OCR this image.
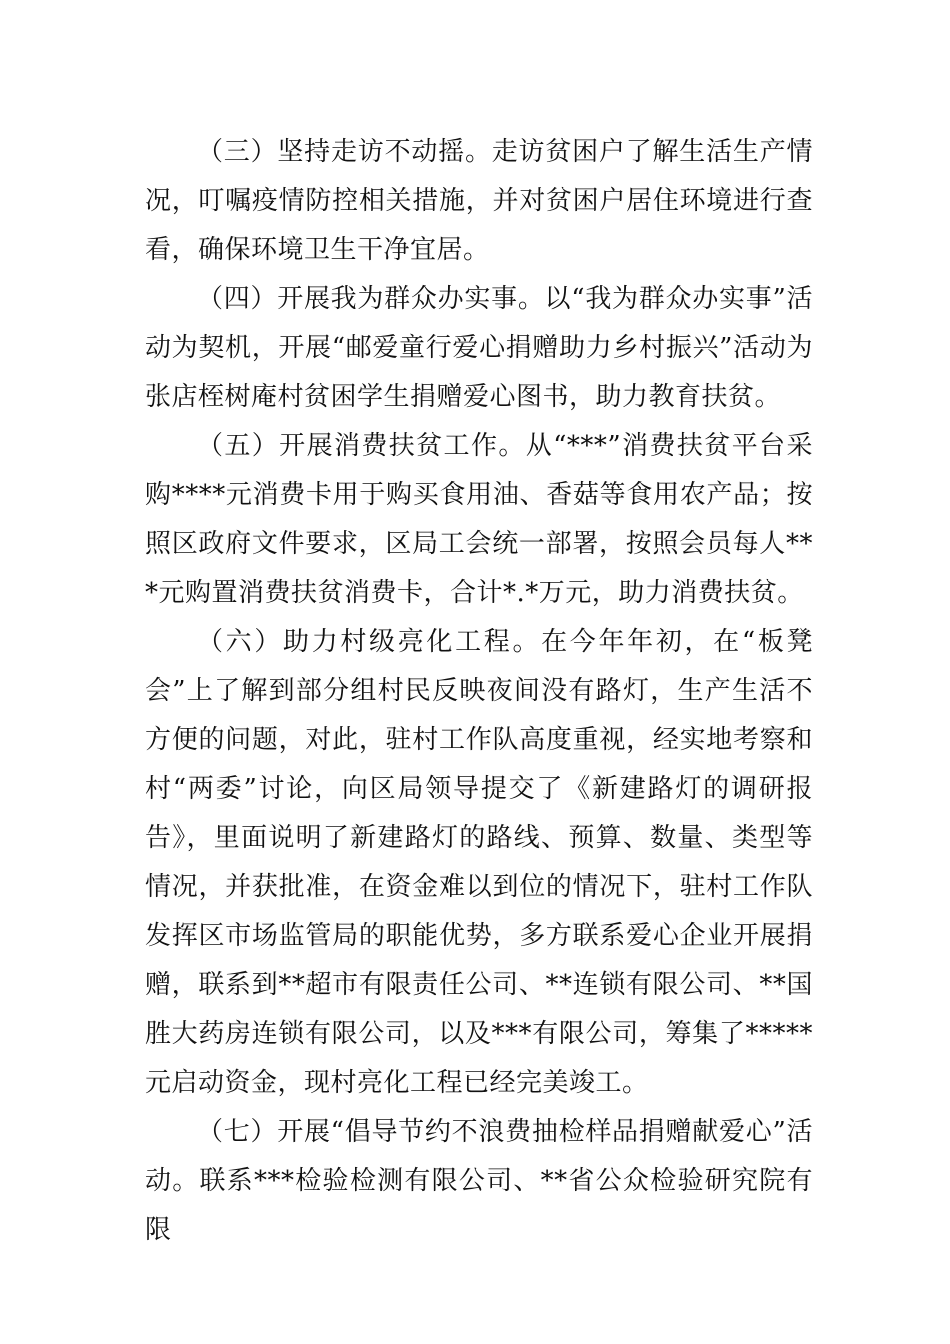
（三）坚持走访不动摇。走访贫困户了解生活生产情况，叮嘱疫情防控相关措施，并对贫困户居住环境进行查看，确保环境卫生干净宜居。

（四）开展我为群众办实事。以“我为群众办实事”活动为契机，开展“邮爱童行爱心捐赠助力乡村振兴”活动为张店桎树庵村贫困学生捐赠爱心图书，助力教育扶贫。

（五）开展消费扶贫工作。从“***”消费扶贫平台采购****元消费卡用于购买食用油、香菇等食用农产品；按照区政府文件要求，区局工会统一部署，按照会员每人***元购置消费扶贫消费卡，合计*.*万元，助力消费扶贫。

（六）助力村级亮化工程。在今年年初，在“板凳会”上了解到部分组村民反映夜间没有路灯，生产生活不方便的问题，对此，驻村工作队高度重视，经实地考察和村“两委”讨论，向区局领导提交了《新建路灯的调研报告》，里面说明了新建路灯的路线、预算、数量、类型等情况，并获批准，在资金难以到位的情况下，驻村工作队发挥区市场监管局的职能优势，多方联系爱心企业开展捐赠，联系到**超市有限责任公司、**连锁有限公司、**国胜大药房连锁有限公司，以及***有限公司，筹集了*****元启动资金，现村亮化工程已经完美竣工。

（七）开展“倡导节约不浪费抽检样品捐赠献爱心”活动。联系***检验检测有限公司、**省公众检验研究院有限
